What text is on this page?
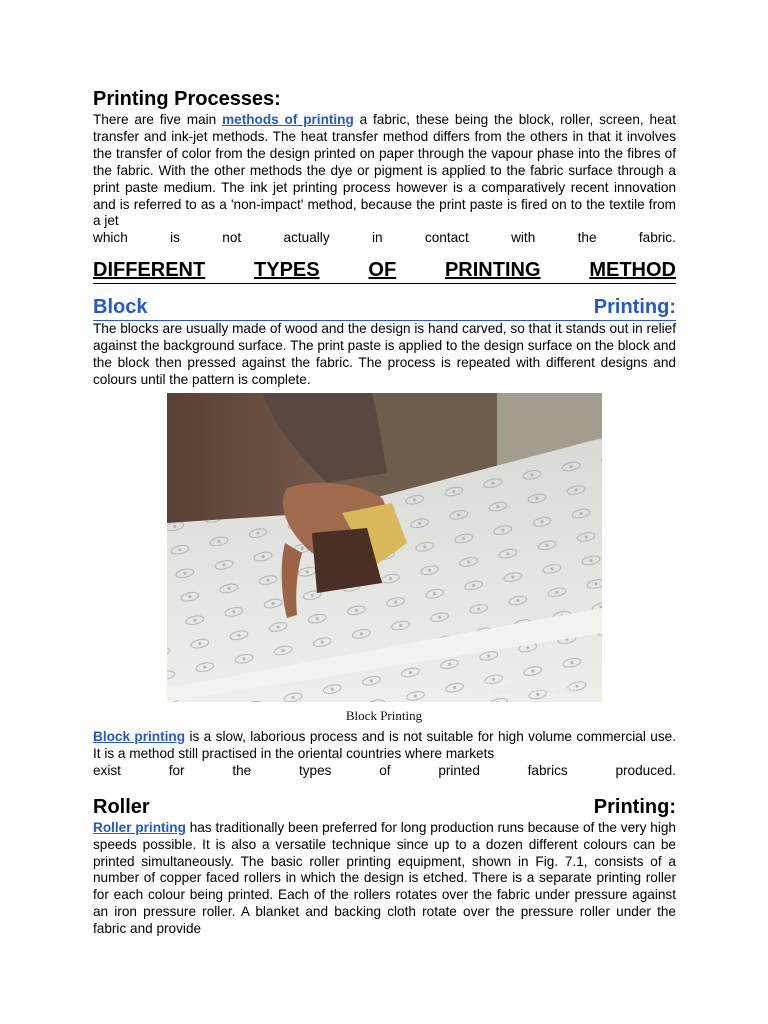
Printing Processes:

There are five main methods of printing a fabric, these being the block, roller, screen, heat transfer and ink-jet methods. The heat transfer method differs from the others in that it involves the transfer of color from the design printed on paper through the vapour phase into the fibres of the fabric. With the other methods the dye or pigment is applied to the fabric surface through a print paste medium. The ink jet printing process however is a comparatively recent innovation and is referred to as a 'non-impact' method, because the print paste is fired on to the textile from a jet

which	is	not	actually	in	contact	with	the	fabric.
DIFFERENT TYPES OF PRINTING METHOD
Block	Printing:

The blocks are usually made of wood and the design is hand carved, so that it stands out in relief against the background surface. The print paste is applied to the design surface on the block and the block then pressed against the fabric. The process is repeated with different designs and colours until the pattern is complete.

© Saffron Marigold
Block Printing

Block printing is a slow, laborious process and is not suitable for high volume commercial use. It is a method still practised in the oriental countries where markets

exist	for	the	types	of	printed	fabrics	produced.
Roller	Printing:

Roller printing has traditionally been preferred for long production runs because of the very high speeds possible. It is also a versatile technique since up to a dozen different colours can be printed simultaneously. The basic roller printing equipment, shown in Fig. 7.1, consists of a number of copper faced rollers in which the design is etched. There is a separate printing roller for each colour being printed. Each of the rollers rotates over the fabric under pressure against an iron pressure roller. A blanket and backing cloth rotate over the pressure roller under the fabric and provide
